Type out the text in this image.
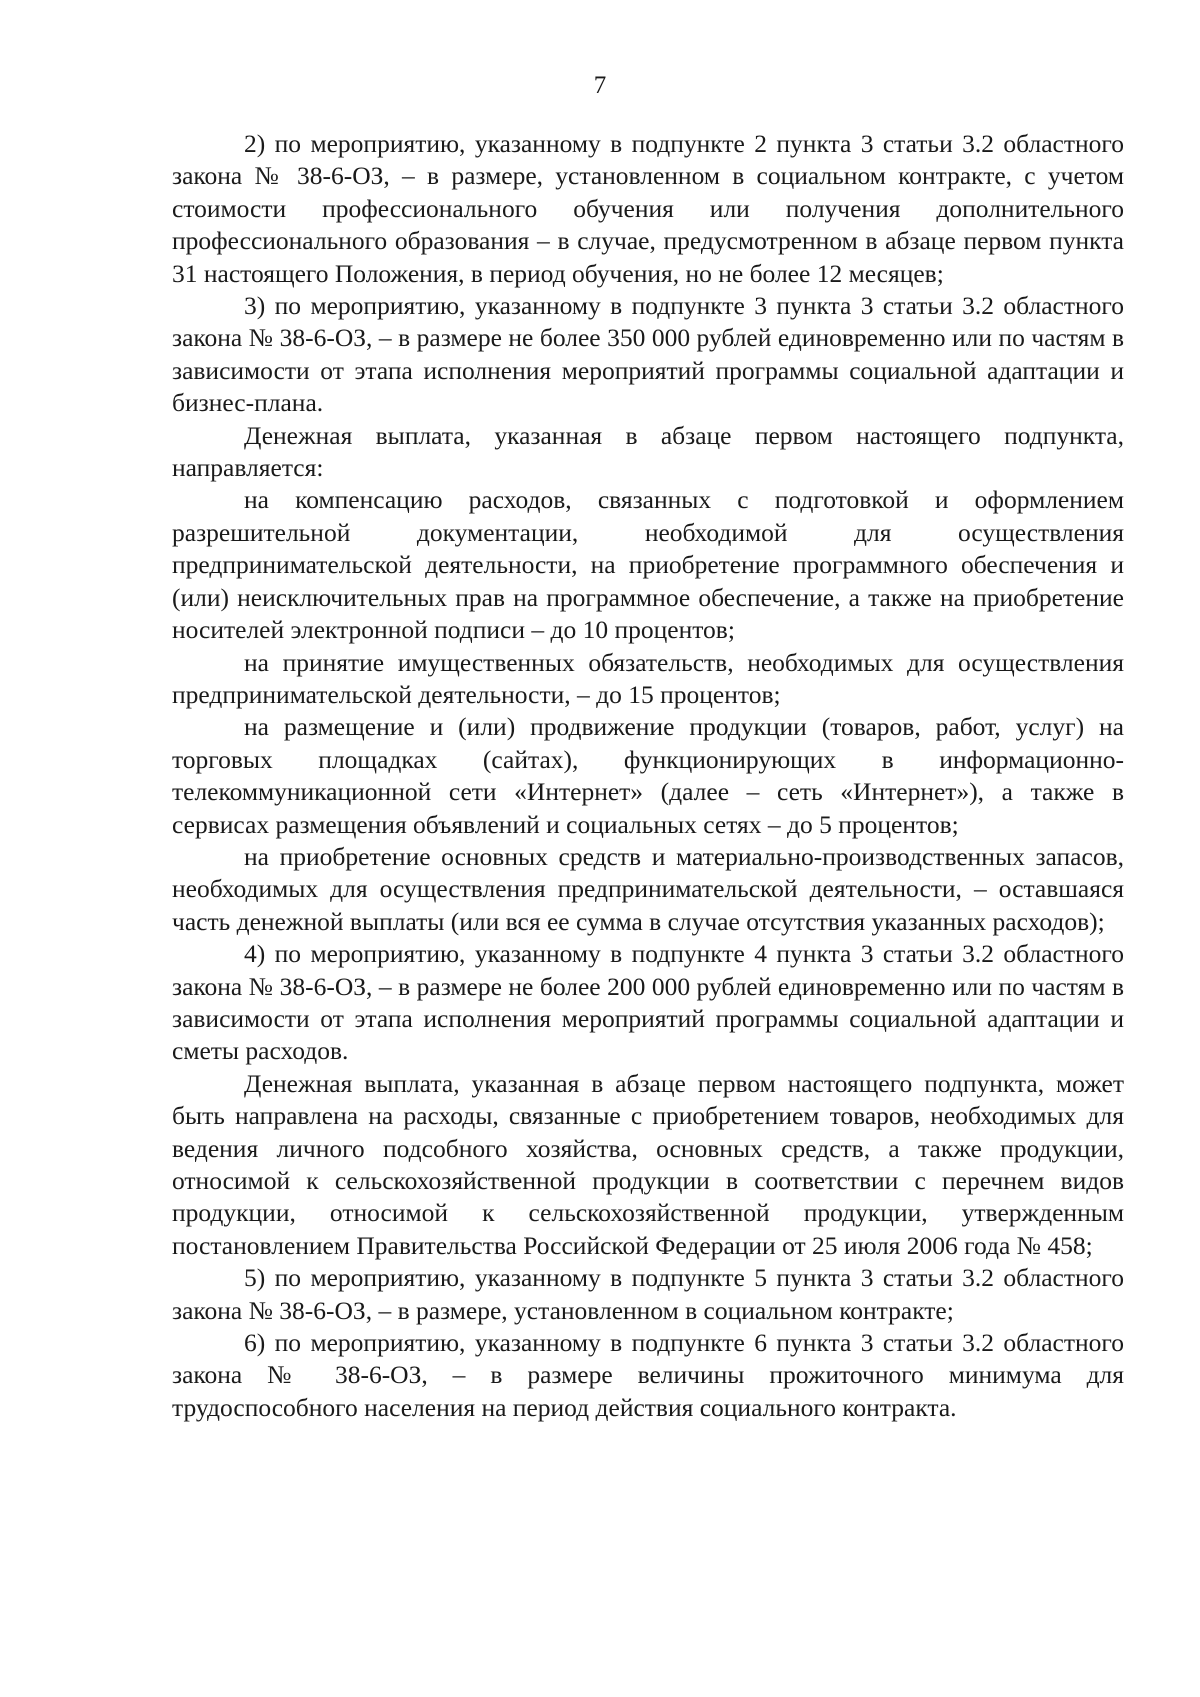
7

2) по мероприятию, указанному в подпункте 2 пункта 3 статьи 3.2 областного закона № 38-6-ОЗ, – в размере, установленном в социальном контракте, с учетом стоимости профессионального обучения или получения дополнительного профессионального образования – в случае, предусмотренном в абзаце первом пункта 31 настоящего Положения, в период обучения, но не более 12 месяцев;

3) по мероприятию, указанному в подпункте 3 пункта 3 статьи 3.2 областного закона № 38-6-ОЗ, – в размере не более 350 000 рублей единовременно или по частям в зависимости от этапа исполнения мероприятий программы социальной адаптации и бизнес-плана.

Денежная выплата, указанная в абзаце первом настоящего подпункта, направляется:

на компенсацию расходов, связанных с подготовкой и оформлением разрешительной документации, необходимой для осуществления предпринимательской деятельности, на приобретение программного обеспечения и (или) неисключительных прав на программное обеспечение, а также на приобретение носителей электронной подписи – до 10 процентов;

на принятие имущественных обязательств, необходимых для осуществления предпринимательской деятельности, – до 15 процентов;

на размещение и (или) продвижение продукции (товаров, работ, услуг) на торговых площадках (сайтах), функционирующих в информационно-телекоммуникационной сети «Интернет» (далее – сеть «Интернет»), а также в сервисах размещения объявлений и социальных сетях – до 5 процентов;

на приобретение основных средств и материально-производственных запасов, необходимых для осуществления предпринимательской деятельности, – оставшаяся часть денежной выплаты (или вся ее сумма в случае отсутствия указанных расходов);

4) по мероприятию, указанному в подпункте 4 пункта 3 статьи 3.2 областного закона № 38-6-ОЗ, – в размере не более 200 000 рублей единовременно или по частям в зависимости от этапа исполнения мероприятий программы социальной адаптации и сметы расходов.

Денежная выплата, указанная в абзаце первом настоящего подпункта, может быть направлена на расходы, связанные с приобретением товаров, необходимых для ведения личного подсобного хозяйства, основных средств, а также продукции, относимой к сельскохозяйственной продукции в соответствии с перечнем видов продукции, относимой к сельскохозяйственной продукции, утвержденным постановлением Правительства Российской Федерации от 25 июля 2006 года № 458;

5) по мероприятию, указанному в подпункте 5 пункта 3 статьи 3.2 областного закона № 38-6-ОЗ, – в размере, установленном в социальном контракте;

6) по мероприятию, указанному в подпункте 6 пункта 3 статьи 3.2 областного закона № 38-6-ОЗ, – в размере величины прожиточного минимума для трудоспособного населения на период действия социального контракта.
